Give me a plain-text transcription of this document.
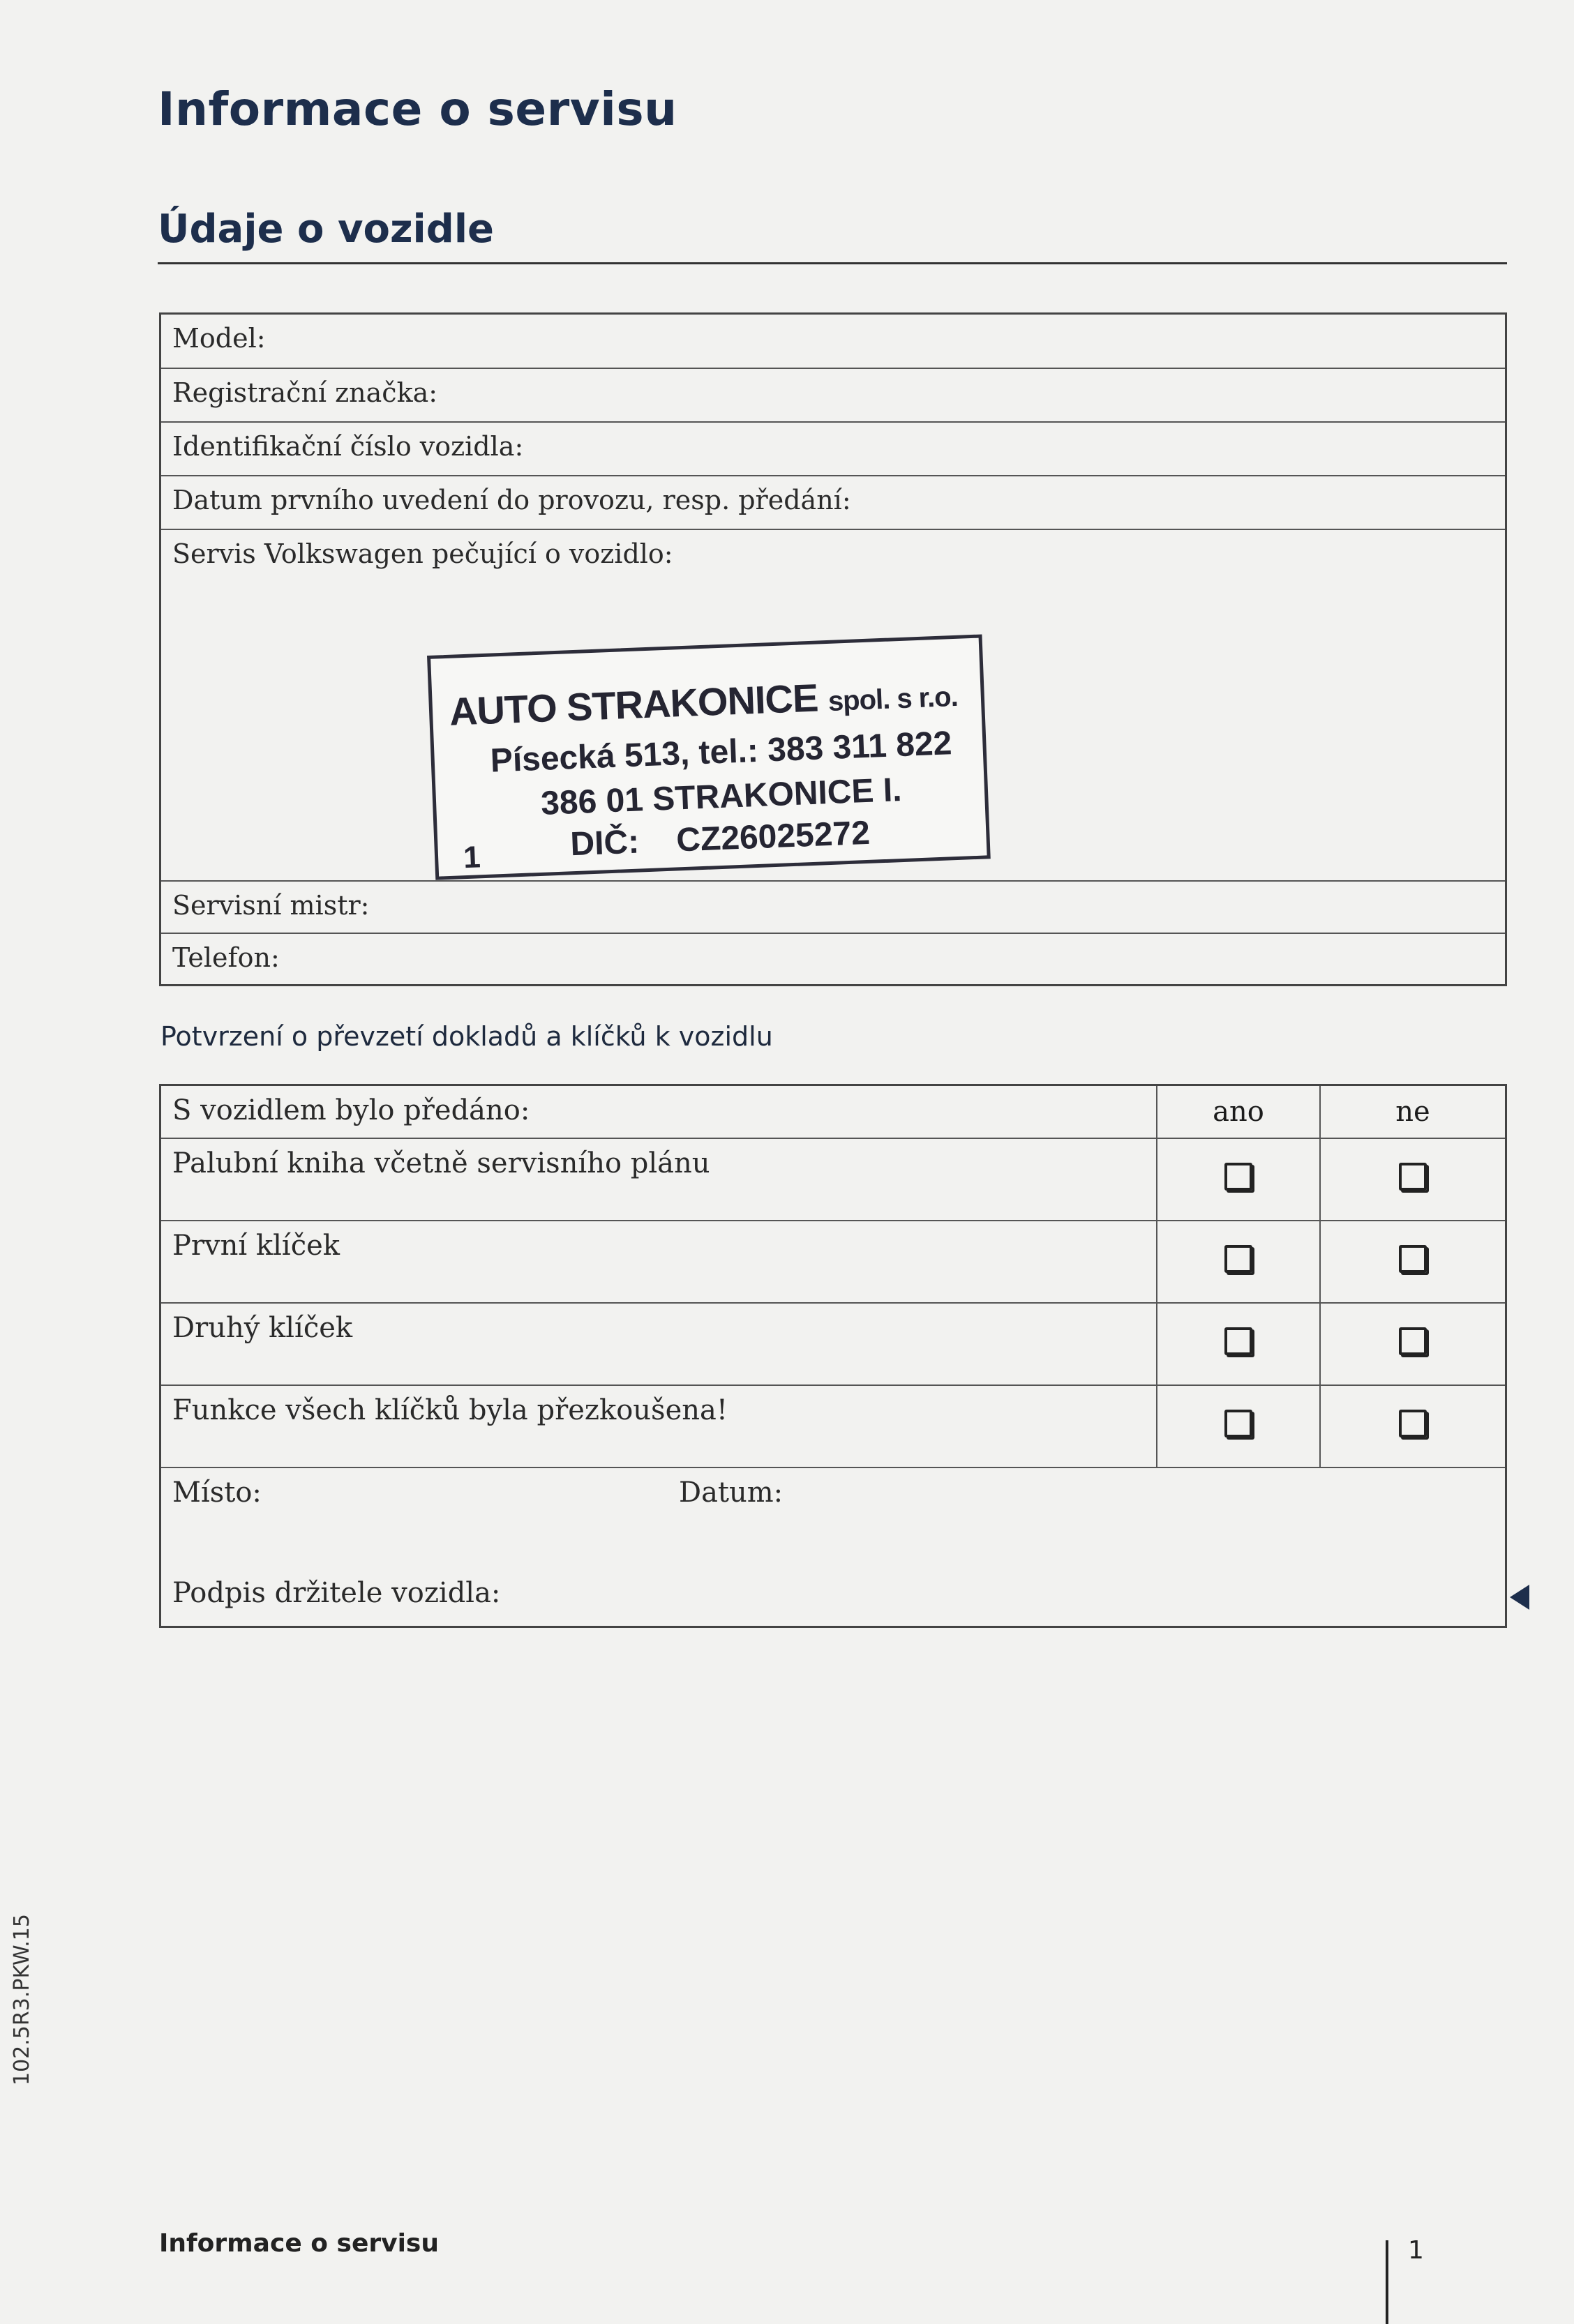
Informace o servisu
Údaje o vozidle
Model:
Registrační značka:
Identifikační číslo vozidla:
Datum prvního uvedení do provozu, resp. předání:
Servis Volkswagen pečující o vozidlo:
Servisní mistr:
Telefon:
AUTO STRAKONICE spol. s r.o.
Písecká 513, tel.: 383 311 822
386 01 STRAKONICE I.
1	DIČ:    CZ26025272
Potvrzení o převzetí dokladů a klíčků k vozidlu
S vozidlem bylo předáno:	ano	ne
Palubní kniha včetně servisního plánu
První klíček
Druhý klíček
Funkce všech klíčků byla přezkoušena!
Místo:	Datum:
Podpis držitele vozidla:
102.5R3.PKW.15
Informace o servisu	1
